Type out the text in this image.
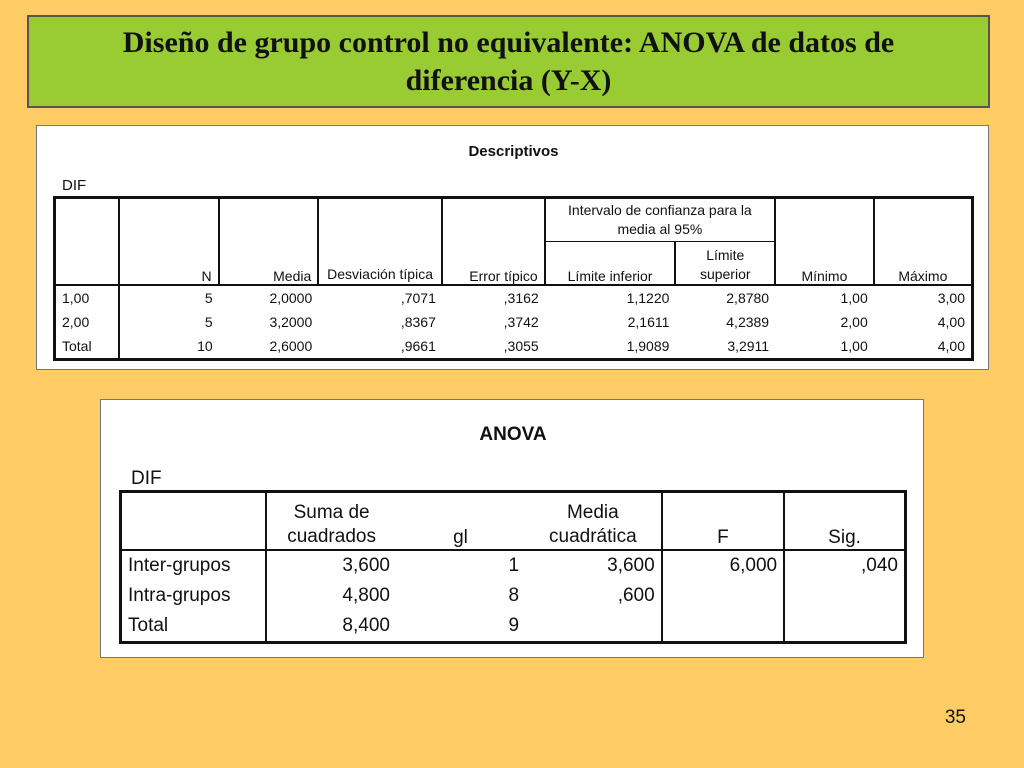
Diseño de grupo control no equivalente: ANOVA de datos de diferencia (Y-X)
Descriptivos
DIF
	N	Media	Desviación típica	Error típico	Intervalo de confianza para la media al 95%		Mínimo	Máximo
					Límite inferior	Límite superior		
1,00	5	2,0000	,7071	,3162	1,1220	2,8780	1,00	3,00
2,00	5	3,2000	,8367	,3742	2,1611	4,2389	2,00	4,00
Total	10	2,6000	,9661	,3055	1,9089	3,2911	1,00	4,00
ANOVA
DIF
	Suma de cuadrados	gl	Media cuadrática	F	Sig.
Inter-grupos	3,600	1	3,600	6,000	,040
Intra-grupos	4,800	8	,600		
Total	8,400	9			
35
